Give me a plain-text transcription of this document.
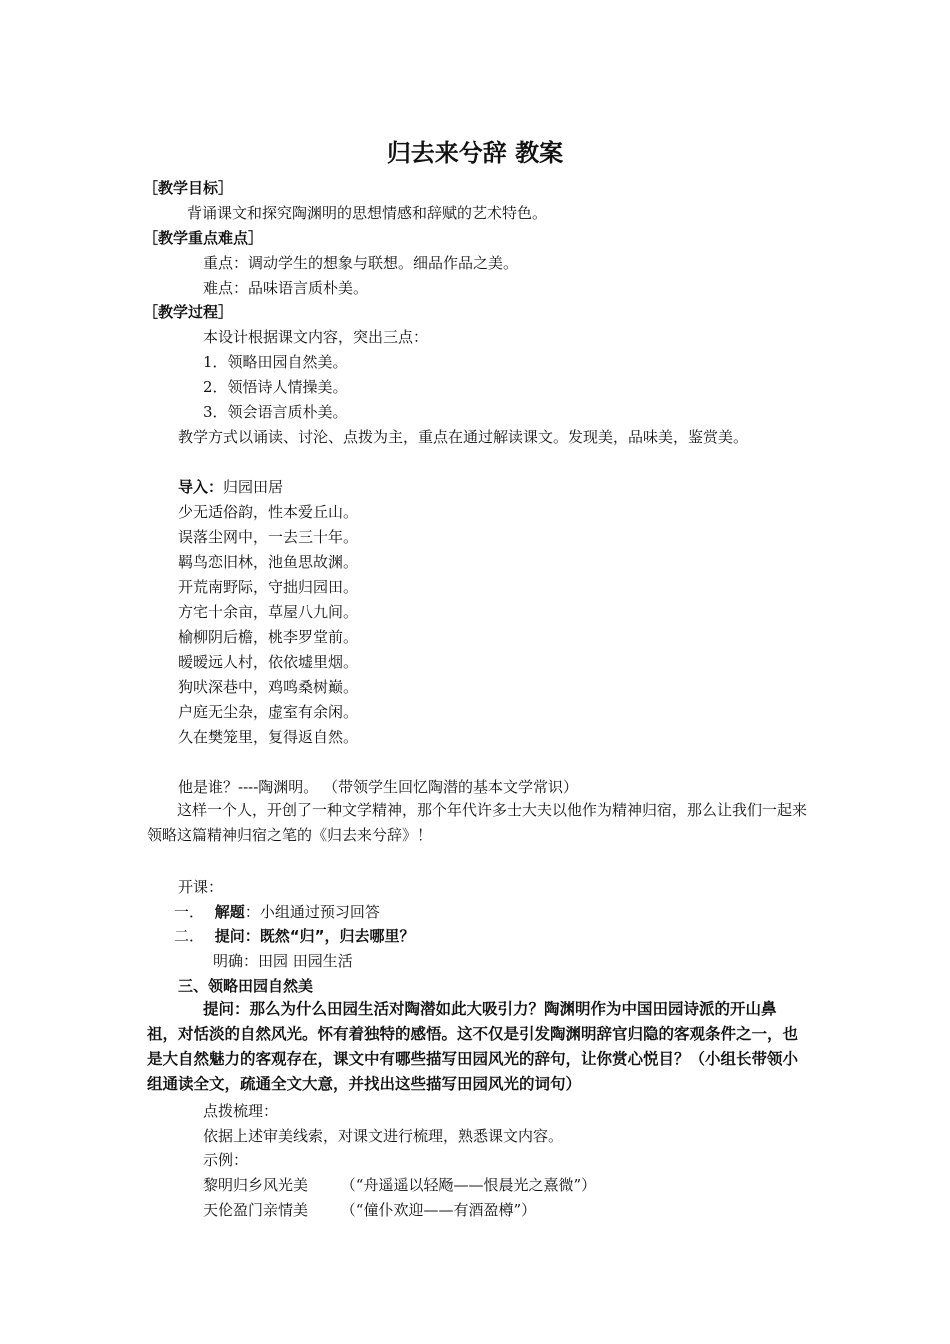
归去来兮辞 教案
［教学目标］
背诵课文和探究陶渊明的思想情感和辞赋的艺术特色。
［教学重点难点］
重点：调动学生的想象与联想。细品作品之美。
难点：品味语言质朴美。
［教学过程］
本设计根据课文内容，突出三点：
1．领略田园自然美。
2．领悟诗人情操美。
3．领会语言质朴美。
教学方式以诵读、讨沦、点拨为主，重点在通过解读课文。发现美，品味美，鉴赏美。
导入：归园田居
少无适俗韵，性本爱丘山。
误落尘网中，一去三十年。
羁鸟恋旧林，池鱼思故渊。
开荒南野际，守拙归园田。
方宅十余亩，草屋八九间。
榆柳阴后檐，桃李罗堂前。
暧暧远人村，依依墟里烟。
狗吠深巷中，鸡鸣桑树巅。
户庭无尘杂，虚室有余闲。
久在樊笼里，复得返自然。
他是谁？----陶渊明。 （带领学生回忆陶潜的基本文学常识）
这样一个人，开创了一种文学精神，那个年代许多士大夫以他作为精神归宿，那么让我们一起来领略这篇精神归宿之笔的《归去来兮辞》！
开课：
一． 解题：小组通过预习回答
二． 提问：既然“归”，归去哪里？
明确：田园 田园生活
三、领略田园自然美
提问：那么为什么田园生活对陶潜如此大吸引力？陶渊明作为中国田园诗派的开山鼻祖，对恬淡的自然风光。怀有着独特的感悟。这不仅是引发陶渊明辞官归隐的客观条件之一，也是大自然魅力的客观存在，课文中有哪些描写田园风光的辞句，让你赏心悦目？（小组长带领小组通读全文，疏通全文大意，并找出这些描写田园风光的词句）
点拨梳理：
依据上述审美线索，对课文进行梳理，熟悉课文内容。
示例：
黎明归乡风光美 （“舟遥遥以轻飏——恨晨光之熹微”）
天伦盈门亲情美 （“僮仆欢迎——有酒盈樽”）
